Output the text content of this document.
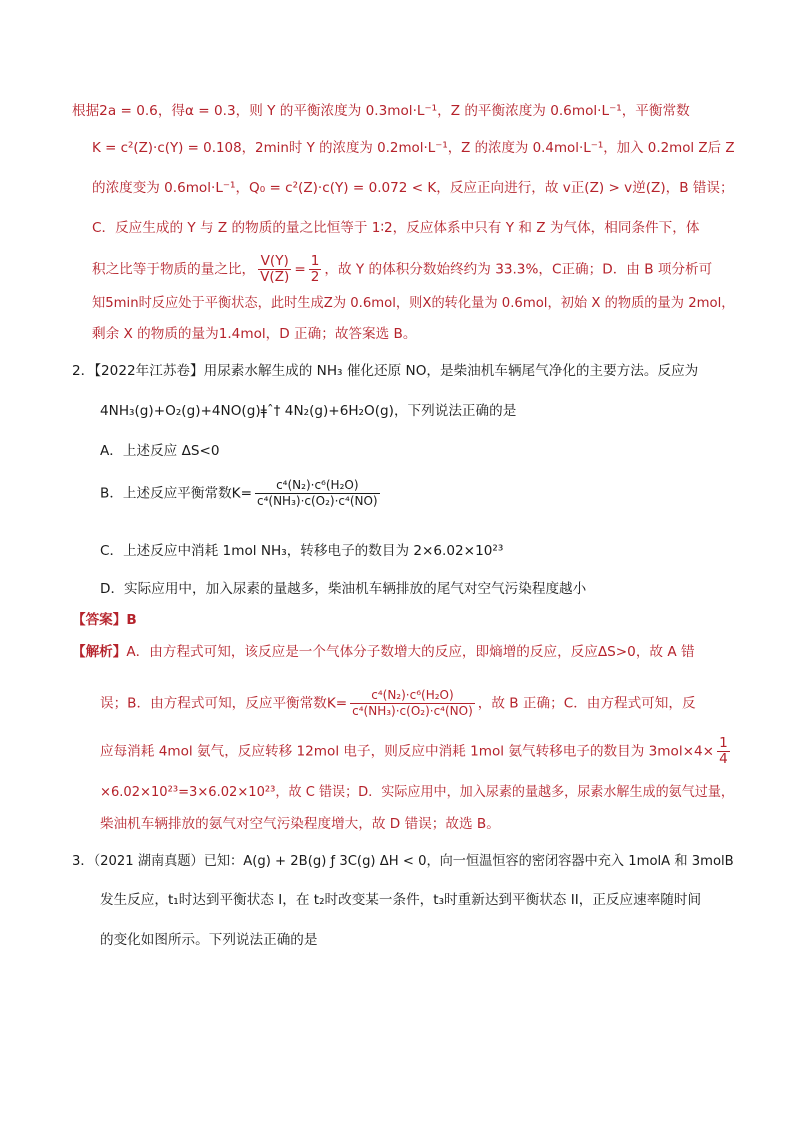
根据2a = 0.6，得α = 0.3，则 Y 的平衡浓度为 0.3mol·L⁻¹，Z 的平衡浓度为 0.6mol·L⁻¹，平衡常数
K = c²(Z)·c(Y) = 0.108，2min时 Y 的浓度为 0.2mol·L⁻¹，Z 的浓度为 0.4mol·L⁻¹，加入 0.2mol Z后 Z
的浓度变为 0.6mol·L⁻¹，Q₀ = c²(Z)·c(Y) = 0.072 < K，反应正向进行，故 v正(Z) > v逆(Z)，B 错误；
C．反应生成的 Y 与 Z 的物质的量之比恒等于 1∶2，反应体系中只有 Y 和 Z 为气体，相同条件下，体
积之比等于物质的量之比， $\frac{V(Y)}{V(Z)} = \frac{1}{2}$ ，故 Y 的体积分数始终约为 33.3%，C正确；D．由 B 项分析可
知5min时反应处于平衡状态，此时生成Z为 0.6mol，则X的转化量为 0.6mol，初始 X 的物质的量为 2mol，
剩余 X 的物质的量为1.4mol，D 正确；故答案选 B。
2．【2022年江苏卷】用尿素水解生成的 NH₃ 催化还原 NO，是柴油机车辆尾气净化的主要方法。反应为
4NH₃(g)+O₂(g)+4NO(g)ǂˆ† 4N₂(g)+6H₂O(g)，下列说法正确的是
A．上述反应 ΔS<0
B．上述反应平衡常数$K= \frac{\text{c⁴(N₂)·c⁶(H₂O)}}{\text{c⁴(NH₃)·c(O₂)·c⁴(NO)}}$
C．上述反应中消耗 1mol NH₃，转移电子的数目为 2×6.02×10²³
D．实际应用中，加入尿素的量越多，柴油机车辆排放的尾气对空气污染程度越小
【答案】B
【解析】A．由方程式可知，该反应是一个气体分子数增大的反应，即熵增的反应，反应ΔS>0，故 A 错
误；B．由方程式可知，反应平衡常数$K= \frac{\text{c⁴(N₂)·c⁶(H₂O)}}{\text{c⁴(NH₃)·c(O₂)·c⁴(NO)}}$ ，故 B 正确；C．由方程式可知，反
应每消耗 4mol 氨气，反应转移 12mol 电子，则反应中消耗 1mol 氨气转移电子的数目为 $3mol\times 4\times \frac{1}{4}$
×6.02×10²³=3×6.02×10²³，故 C 错误；D．实际应用中，加入尿素的量越多，尿素水解生成的氨气过量，
柴油机车辆排放的氨气对空气污染程度增大，故 D 错误；故选 B。
3．（2021 湖南真题）已知：A(g) + 2B(g) ƒ 3C(g) ΔH < 0，向一恒温恒容的密闭容器中充入 1molA 和 3molB
发生反应，t₁时达到平衡状态 I，在 t₂时改变某一条件，t₃时重新达到平衡状态 II，正反应速率随时间
的变化如图所示。下列说法正确的是
